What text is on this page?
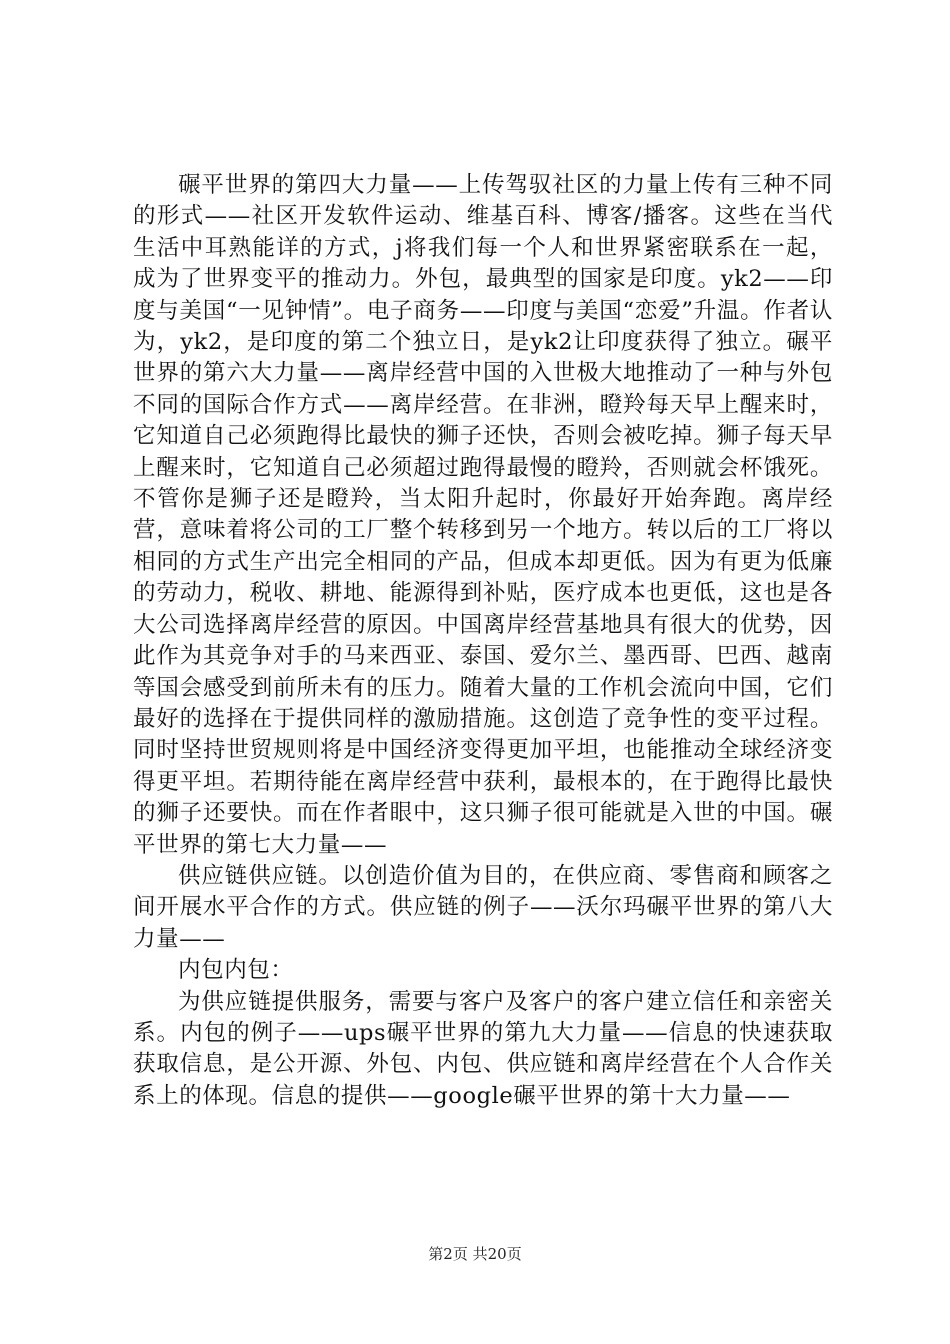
碾平世界的第四大力量——上传驾驭社区的力量上传有三种不同的形式——社区开发软件运动、维基百科、博客/播客。这些在当代生活中耳熟能详的方式，j将我们每一个人和世界紧密联系在一起，成为了世界变平的推动力。外包，最典型的国家是印度。yk2——印度与美国“一见钟情”。电子商务——印度与美国“恋爱”升温。作者认为，yk2，是印度的第二个独立日，是yk2让印度获得了独立。碾平世界的第六大力量——离岸经营中国的入世极大地推动了一种与外包不同的国际合作方式——离岸经营。在非洲，瞪羚每天早上醒来时，它知道自己必须跑得比最快的狮子还快，否则会被吃掉。狮子每天早上醒来时，它知道自己必须超过跑得最慢的瞪羚，否则就会杯饿死。不管你是狮子还是瞪羚，当太阳升起时，你最好开始奔跑。离岸经营，意味着将公司的工厂整个转移到另一个地方。转以后的工厂将以相同的方式生产出完全相同的产品，但成本却更低。因为有更为低廉的劳动力，税收、耕地、能源得到补贴，医疗成本也更低，这也是各大公司选择离岸经营的原因。中国离岸经营基地具有很大的优势，因此作为其竞争对手的马来西亚、泰国、爱尔兰、墨西哥、巴西、越南等国会感受到前所未有的压力。随着大量的工作机会流向中国，它们最好的选择在于提供同样的激励措施。这创造了竞争性的变平过程。同时坚持世贸规则将是中国经济变得更加平坦，也能推动全球经济变得更平坦。若期待能在离岸经营中获利，最根本的，在于跑得比最快的狮子还要快。而在作者眼中，这只狮子很可能就是入世的中国。碾平世界的第七大力量——

供应链供应链。以创造价值为目的，在供应商、零售商和顾客之间开展水平合作的方式。供应链的例子——沃尔玛碾平世界的第八大力量——

内包内包：

为供应链提供服务，需要与客户及客户的客户建立信任和亲密关系。内包的例子——ups碾平世界的第九大力量——信息的快速获取获取信息，是公开源、外包、内包、供应链和离岸经营在个人合作关系上的体现。信息的提供——google碾平世界的第十大力量——

第2页 共20页
